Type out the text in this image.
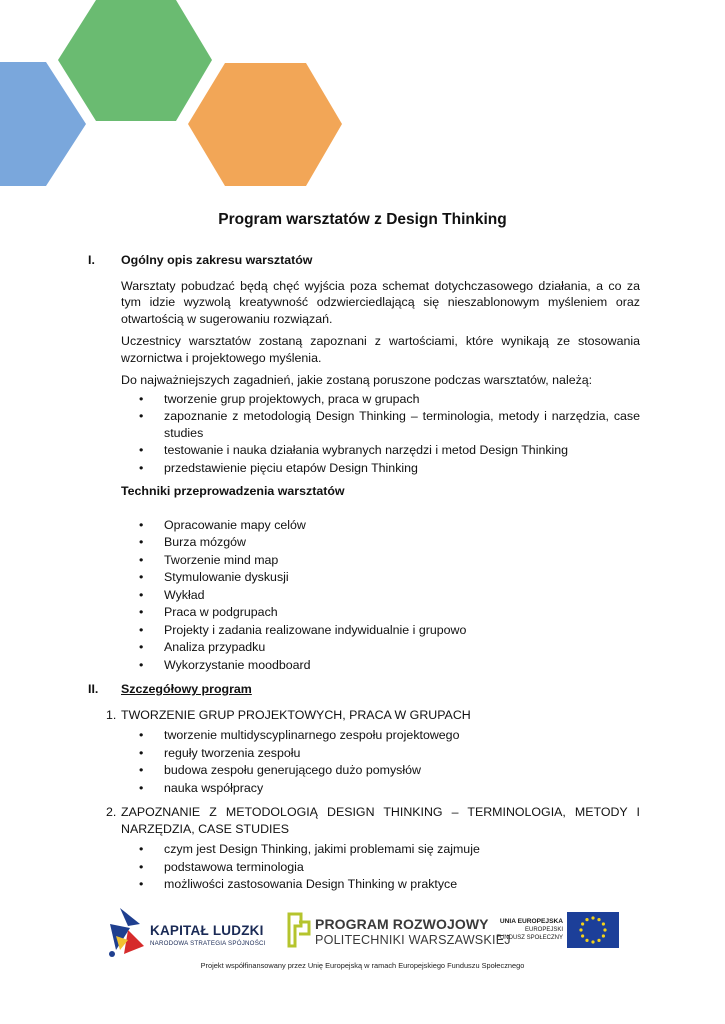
Program warsztatów z Design Thinking
I.	Ogólny opis zakresu warsztatów

Warsztaty pobudzać będą chęć wyjścia poza schemat dotychczasowego działania, a co za tym idzie wyzwolą kreatywność odzwierciedlającą się nieszablonowym myśleniem oraz otwartością w sugerowaniu rozwiązań.

Uczestnicy warsztatów zostaną zapoznani z wartościami, które wynikają ze stosowania wzornictwa i projektowego myślenia.

Do najważniejszych zagadnień, jakie zostaną poruszone podczas warsztatów, należą:

• tworzenie grup projektowych, praca w grupach
• zapoznanie z metodologią Design Thinking – terminologia, metody i narzędzia, case studies
• testowanie i nauka działania wybranych narzędzi i metod Design Thinking
• przedstawienie pięciu etapów Design Thinking
Techniki przeprowadzenia warsztatów
• Opracowanie mapy celów
• Burza mózgów
• Tworzenie mind map
• Stymulowanie dyskusji
• Wykład
• Praca w podgrupach
• Projekty i zadania realizowane indywidualnie i grupowo
• Analiza przypadku
• Wykorzystanie moodboard
II.	Szczegółowy program
1. TWORZENIE GRUP PROJEKTOWYCH, PRACA W GRUPACH
• tworzenie multidyscyplinarnego zespołu projektowego
• reguły tworzenia zespołu
• budowa zespołu generującego dużo pomysłów
• nauka współpracy
2. ZAPOZNANIE Z METODOLOGIĄ DESIGN THINKING – TERMINOLOGIA, METODY I NARZĘDZIA, CASE STUDIES
• czym jest Design Thinking, jakimi problemami się zajmuje
• podstawowa terminologia
• możliwości zastosowania Design Thinking w praktyce
KAPITAŁ LUDZKI
NARODOWA STRATEGIA SPÓJNOŚCI
PROGRAM ROZWOJOWY
POLITECHNIKI WARSZAWSKIEJ
UNIA EUROPEJSKA
EUROPEJSKI
FUNDUSZ SPOŁECZNY
Projekt współfinansowany przez Unię Europejską w ramach Europejskiego Funduszu Społecznego
